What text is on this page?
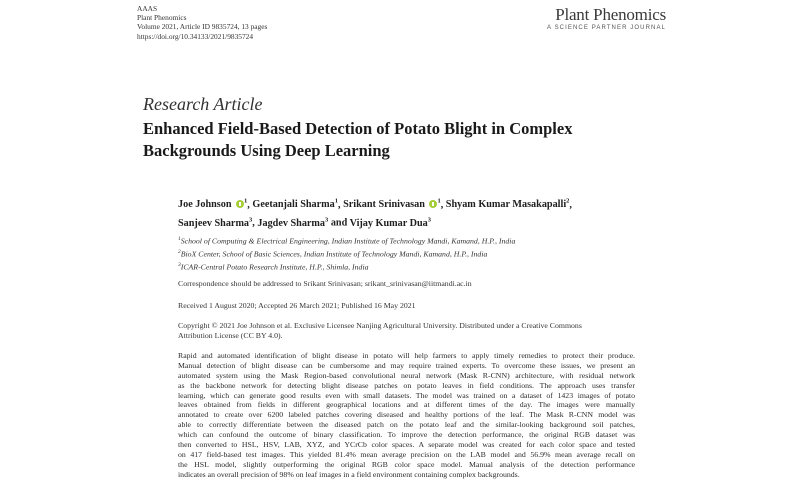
AAAS
Plant Phenomics
Volume 2021, Article ID 9835724, 13 pages
https://doi.org/10.34133/2021/9835724
Plant Phenomics
A SCIENCE PARTNER JOURNAL
Research Article
Enhanced Field-Based Detection of Potato Blight in Complex
Backgrounds Using Deep Learning
Joe Johnson $^1$, Geetanjali Sharma$^1$, Srikant Srinivasan $^1$, Shyam Kumar Masakapalli$^2$,
Sanjeev Sharma$^3$, Jagdev Sharma$^3$ and Vijay Kumar Dua$^3$
$^1$School of Computing & Electrical Engineering, Indian Institute of Technology Mandi, Kamand, H.P., India
$^2$BioX Center, School of Basic Sciences, Indian Institute of Technology Mandi, Kamand, H.P., India
$^3$ICAR-Central Potato Research Institute, H.P., Shimla, India
Correspondence should be addressed to Srikant Srinivasan; srikant_srinivasan@iitmandi.ac.in
Received 1 August 2020; Accepted 26 March 2021; Published 16 May 2021
Copyright © 2021 Joe Johnson et al. Exclusive Licensee Nanjing Agricultural University. Distributed under a Creative Commons
Attribution License (CC BY 4.0).
Rapid and automated identification of blight disease in potato will help farmers to apply timely remedies to protect their produce.
Manual detection of blight disease can be cumbersome and may require trained experts. To overcome these issues, we present an
automated system using the Mask Region-based convolutional neural network (Mask R-CNN) architecture, with residual network
as the backbone network for detecting blight disease patches on potato leaves in field conditions. The approach uses transfer
learning, which can generate good results even with small datasets. The model was trained on a dataset of 1423 images of potato
leaves obtained from fields in different geographical locations and at different times of the day. The images were manually
annotated to create over 6200 labeled patches covering diseased and healthy portions of the leaf. The Mask R-CNN model was
able to correctly differentiate between the diseased patch on the potato leaf and the similar-looking background soil patches,
which can confound the outcome of binary classification. To improve the detection performance, the original RGB dataset was
then converted to HSL, HSV, LAB, XYZ, and YCrCb color spaces. A separate model was created for each color space and tested
on 417 field-based test images. This yielded 81.4% mean average precision on the LAB model and 56.9% mean average recall on
the HSL model, slightly outperforming the original RGB color space model. Manual analysis of the detection performance
indicates an overall precision of 98% on leaf images in a field environment containing complex backgrounds.
